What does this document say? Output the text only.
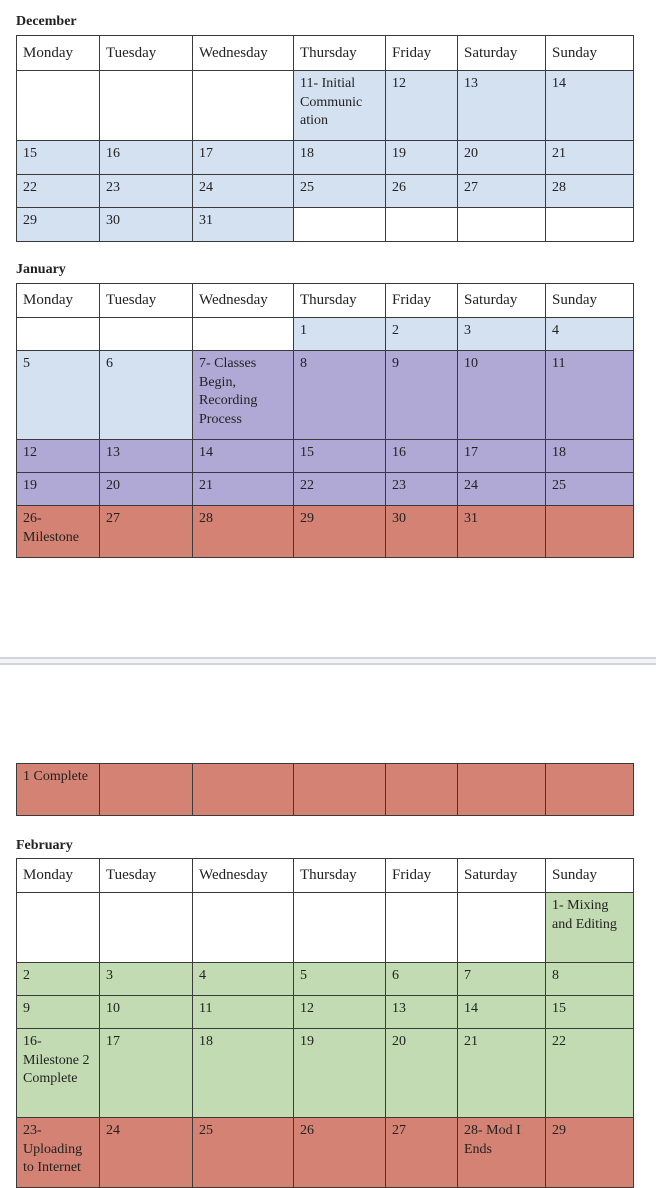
December
Monday	Tuesday	Wednesday	Thursday	Friday	Saturday	Sunday
			11- Initial Communic ation	12	13	14
15	16	17	18	19	20	21
22	23	24	25	26	27	28
29	30	31				
January
Monday	Tuesday	Wednesday	Thursday	Friday	Saturday	Sunday
			1	2	3	4
5	6	7- Classes Begin, Recording Process	8	9	10	11
12	13	14	15	16	17	18
19	20	21	22	23	24	25
26- Milestone	27	28	29	30	31	
1 Complete						
February
Monday	Tuesday	Wednesday	Thursday	Friday	Saturday	Sunday
						1- Mixing and Editing
2	3	4	5	6	7	8
9	10	11	12	13	14	15
16- Milestone 2 Complete	17	18	19	20	21	22
23- Uploading to Internet	24	25	26	27	28- Mod I Ends	29
